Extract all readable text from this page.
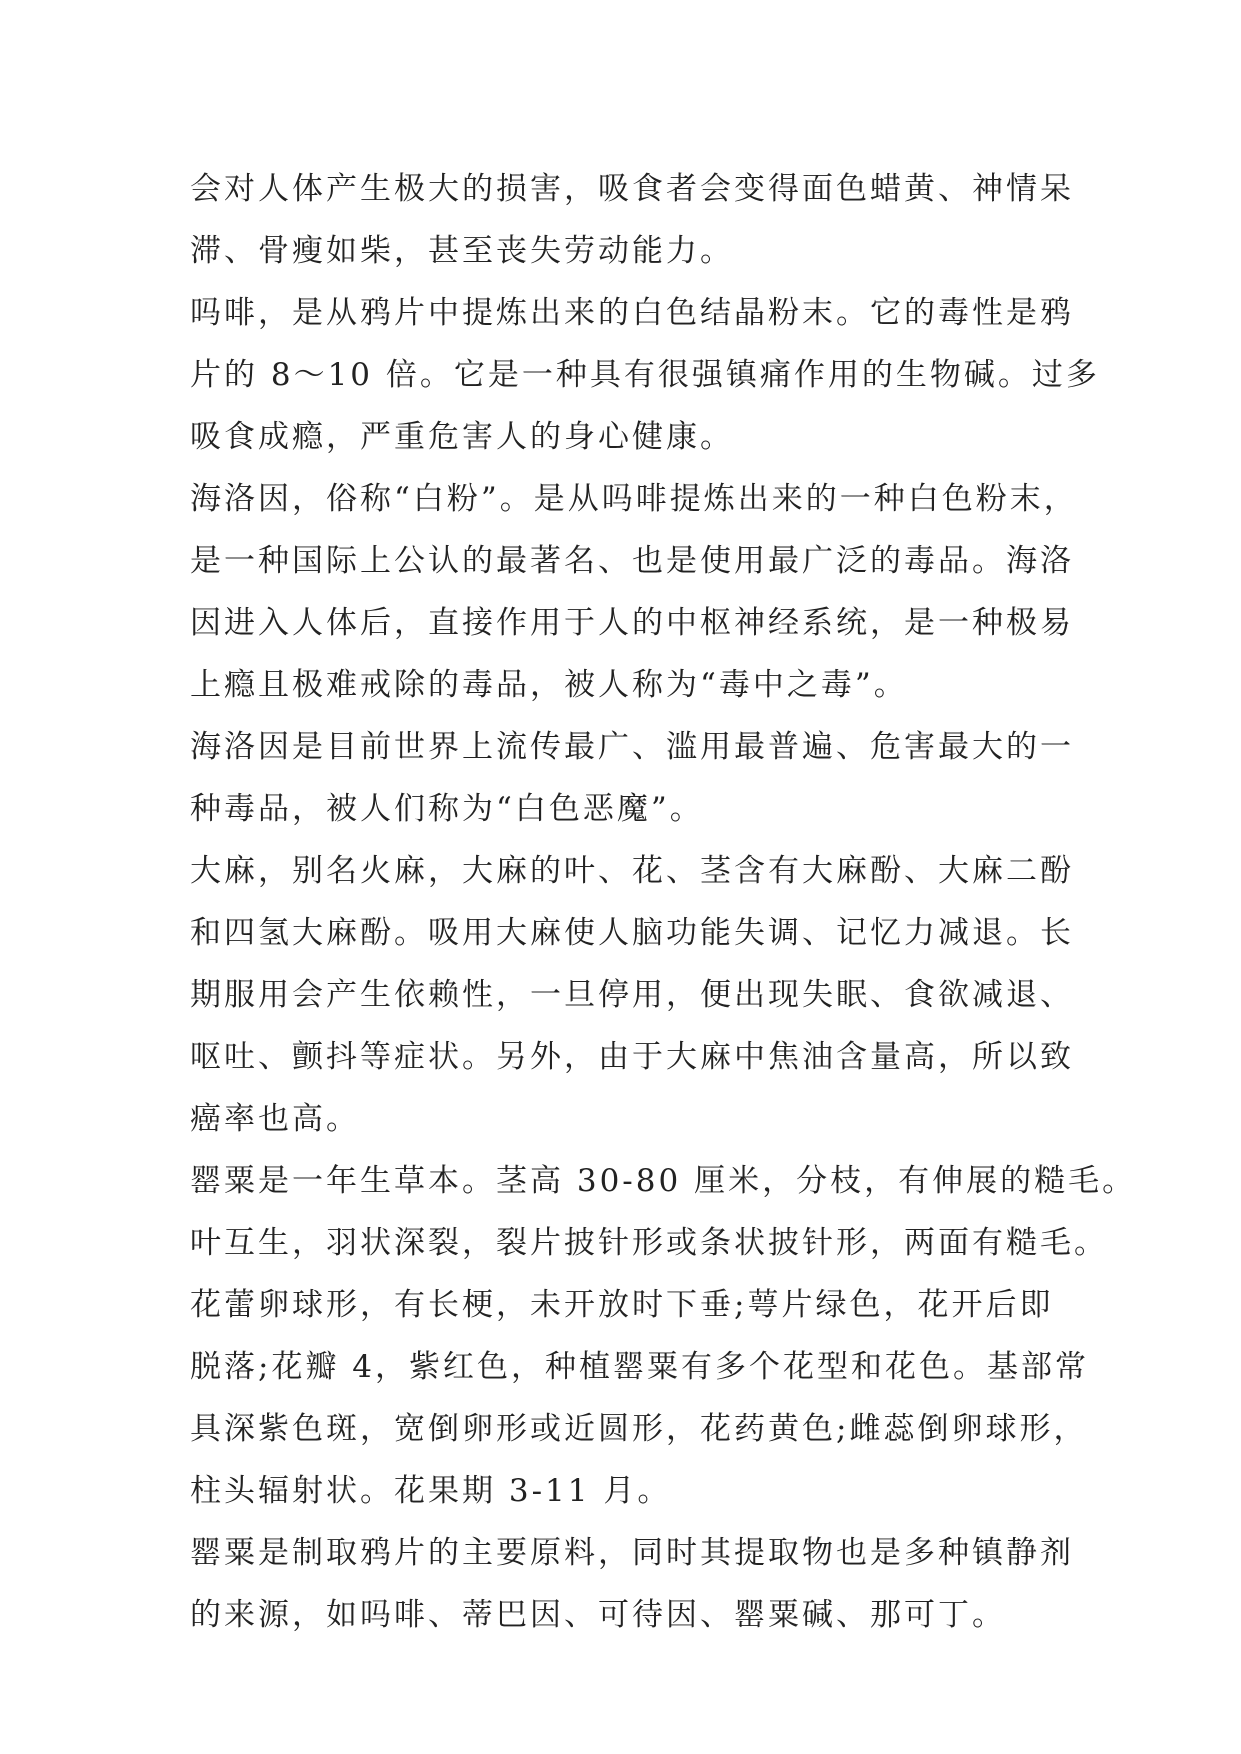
会对人体产生极大的损害，吸食者会变得面色蜡黄、神情呆
滞、骨瘦如柴，甚至丧失劳动能力。
吗啡，是从鸦片中提炼出来的白色结晶粉末。它的毒性是鸦
片的 8～10 倍。它是一种具有很强镇痛作用的生物碱。过多
吸食成瘾，严重危害人的身心健康。
海洛因，俗称“白粉”。是从吗啡提炼出来的一种白色粉末，
是一种国际上公认的最著名、也是使用最广泛的毒品。海洛
因进入人体后，直接作用于人的中枢神经系统，是一种极易
上瘾且极难戒除的毒品，被人称为“毒中之毒”。
海洛因是目前世界上流传最广、滥用最普遍、危害最大的一
种毒品，被人们称为“白色恶魔”。
大麻，别名火麻，大麻的叶、花、茎含有大麻酚、大麻二酚
和四氢大麻酚。吸用大麻使人脑功能失调、记忆力减退。长
期服用会产生依赖性，一旦停用，便出现失眠、食欲减退、
呕吐、颤抖等症状。另外，由于大麻中焦油含量高，所以致
癌率也高。
罂粟是一年生草本。茎高 30-80 厘米，分枝，有伸展的糙毛。
叶互生，羽状深裂，裂片披针形或条状披针形，两面有糙毛。
花蕾卵球形，有长梗，未开放时下垂;萼片绿色，花开后即
脱落;花瓣 4，紫红色，种植罂粟有多个花型和花色。基部常
具深紫色斑，宽倒卵形或近圆形，花药黄色;雌蕊倒卵球形，
柱头辐射状。花果期 3-11 月。
罂粟是制取鸦片的主要原料，同时其提取物也是多种镇静剂
的来源，如吗啡、蒂巴因、可待因、罂粟碱、那可丁。
